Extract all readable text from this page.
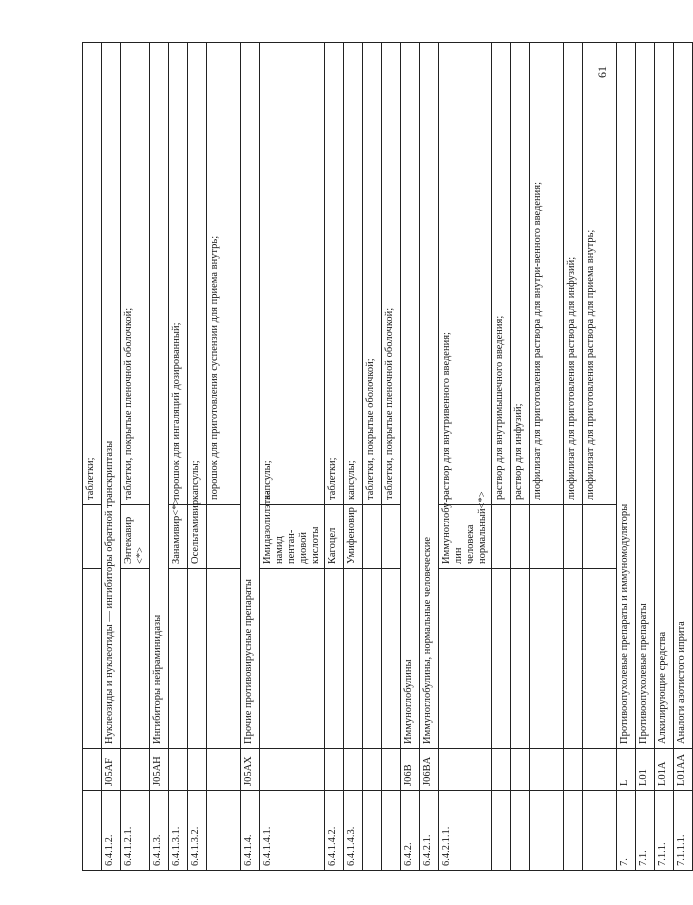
61
				таблетки;
6.4.1.2.	J05AF	Нуклеозиды и нуклеотиды — ингибиторы обратной транскриптазы		
6.4.1.2.1.			Энтекавир <*>	таблетки, покрытые пленочной оболочкой;
6.4.1.3.	J05AH	Ингибиторы нейраминидазы		
6.4.1.3.1.			Занамивир<*>	порошок для ингаляций дозированный;
6.4.1.3.2.			Осельтамивир	капсулы;
				порошок для приготовления суспензии для приема внутрь;
6.4.1.4.	J05AX	Прочие противовирусные препараты		
6.4.1.4.1.			Имидазолилэта-намид пентан-диовой кислоты	капсулы;
6.4.1.4.2.			Кагоцел	таблетки;
6.4.1.4.3.			Умифеновир	капсулы;
				таблетки, покрытые оболочкой;
				таблетки, покрытые пленочной оболочкой;
6.4.2.	J06B	Иммуноглобулины		
6.4.2.1.	J06BA	Иммуноглобулины, нормальные человеческие		
6.4.2.1.1.			Иммуноглобу-лин человека нормальный<*>	раствор для внутривенного введения;
				раствор для внутримышечного введения;
				раствор для инфузий;
				лиофилизат для приготовления раствора для внутри-венного введения;
				лиофилизат для приготовления раствора для инфузий;
				лиофилизат для приготовления раствора для приема внутрь;
7.	L	Противоопухолевые препараты и иммуномодуляторы		
7.1.	L01	Противоопухолевые препараты		
7.1.1.	L01A	Алкилирующие средства		
7.1.1.1.	L01AA	Аналоги азотистого иприта		
